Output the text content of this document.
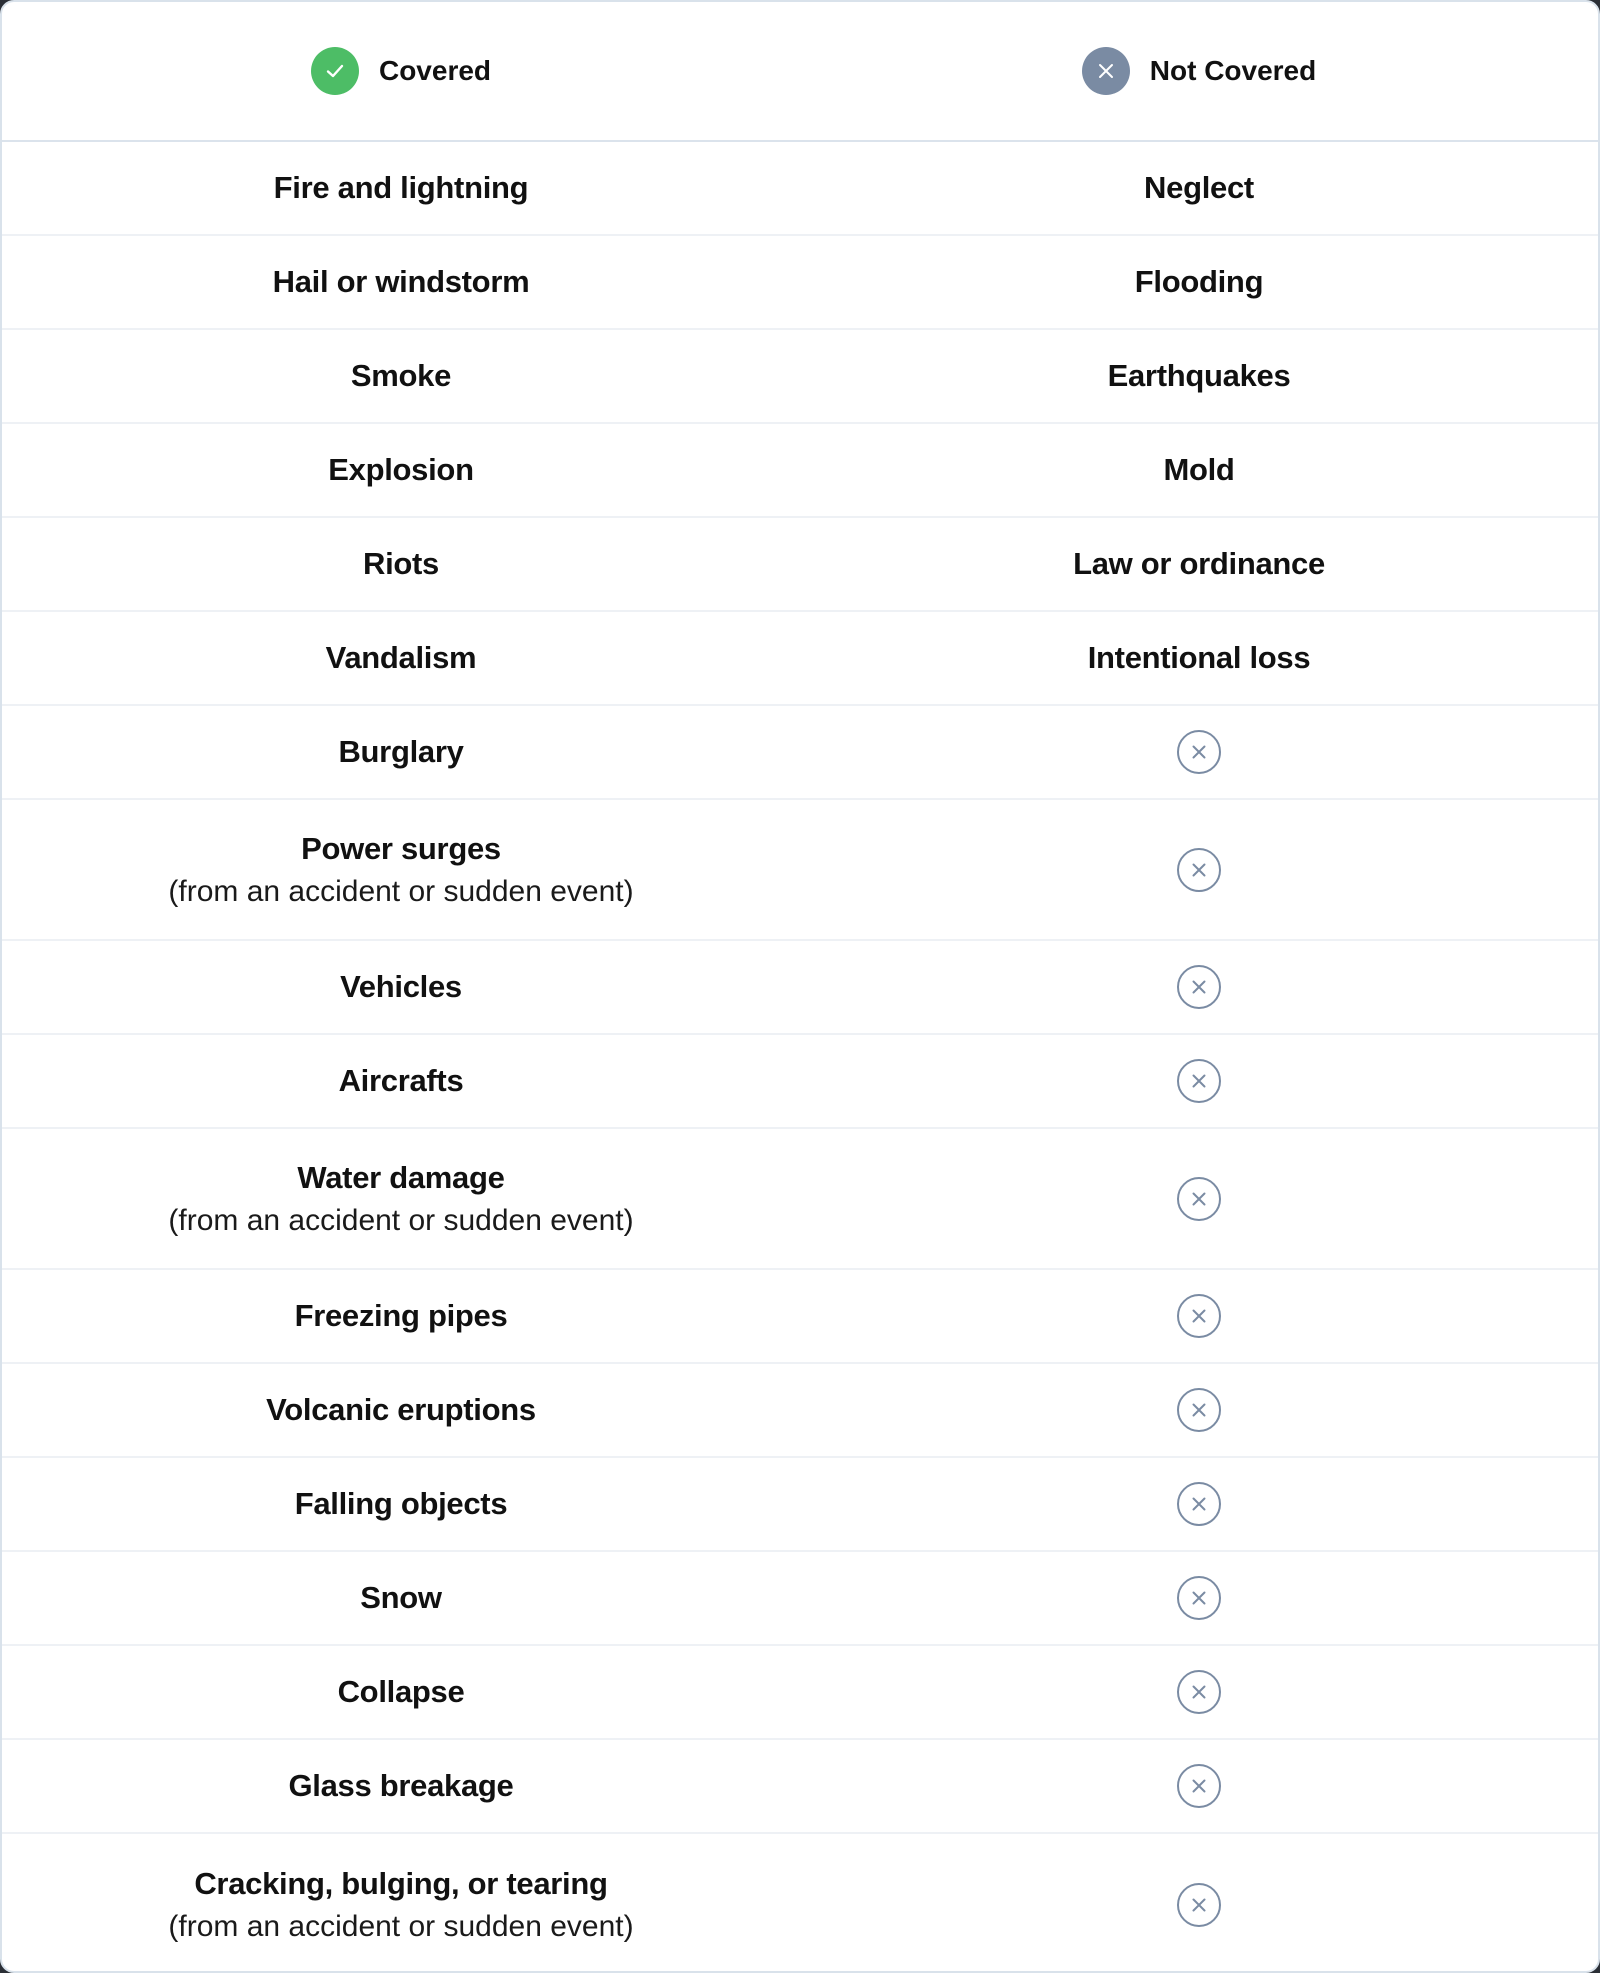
Covered	Not Covered
Fire and lightning	Neglect
Hail or windstorm	Flooding
Smoke	Earthquakes
Explosion	Mold
Riots	Law or ordinance
Vandalism	Intentional loss
Burglary
Power surges
(from an accident or sudden event)
Vehicles
Aircrafts
Water damage
(from an accident or sudden event)
Freezing pipes
Volcanic eruptions
Falling objects
Snow
Collapse
Glass breakage
Cracking, bulging, or tearing
(from an accident or sudden event)
